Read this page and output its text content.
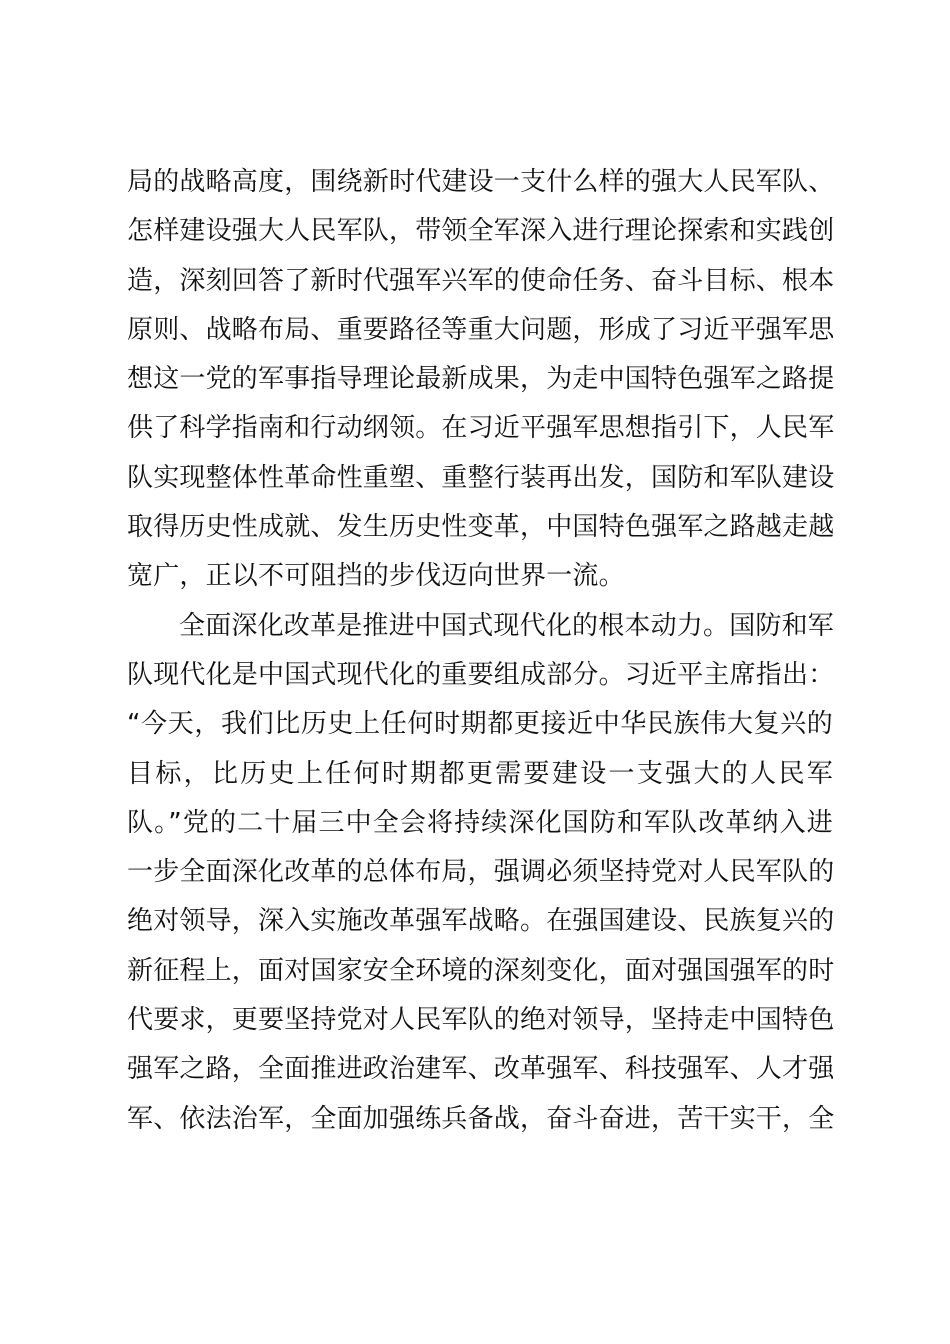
局的战略高度，围绕新时代建设一支什么样的强大人民军队、
怎样建设强大人民军队，带领全军深入进行理论探索和实践创
造，深刻回答了新时代强军兴军的使命任务、奋斗目标、根本
原则、战略布局、重要路径等重大问题，形成了习近平强军思
想这一党的军事指导理论最新成果，为走中国特色强军之路提
供了科学指南和行动纲领。在习近平强军思想指引下，人民军
队实现整体性革命性重塑、重整行装再出发，国防和军队建设
取得历史性成就、发生历史性变革，中国特色强军之路越走越
宽广，正以不可阻挡的步伐迈向世界一流。
全面深化改革是推进中国式现代化的根本动力。国防和军
队现代化是中国式现代化的重要组成部分。习近平主席指出：
“今天，我们比历史上任何时期都更接近中华民族伟大复兴的
目标，比历史上任何时期都更需要建设一支强大的人民军
队。”党的二十届三中全会将持续深化国防和军队改革纳入进
一步全面深化改革的总体布局，强调必须坚持党对人民军队的
绝对领导，深入实施改革强军战略。在强国建设、民族复兴的
新征程上，面对国家安全环境的深刻变化，面对强国强军的时
代要求，更要坚持党对人民军队的绝对领导，坚持走中国特色
强军之路，全面推进政治建军、改革强军、科技强军、人才强
军、依法治军，全面加强练兵备战，奋斗奋进，苦干实干，全
